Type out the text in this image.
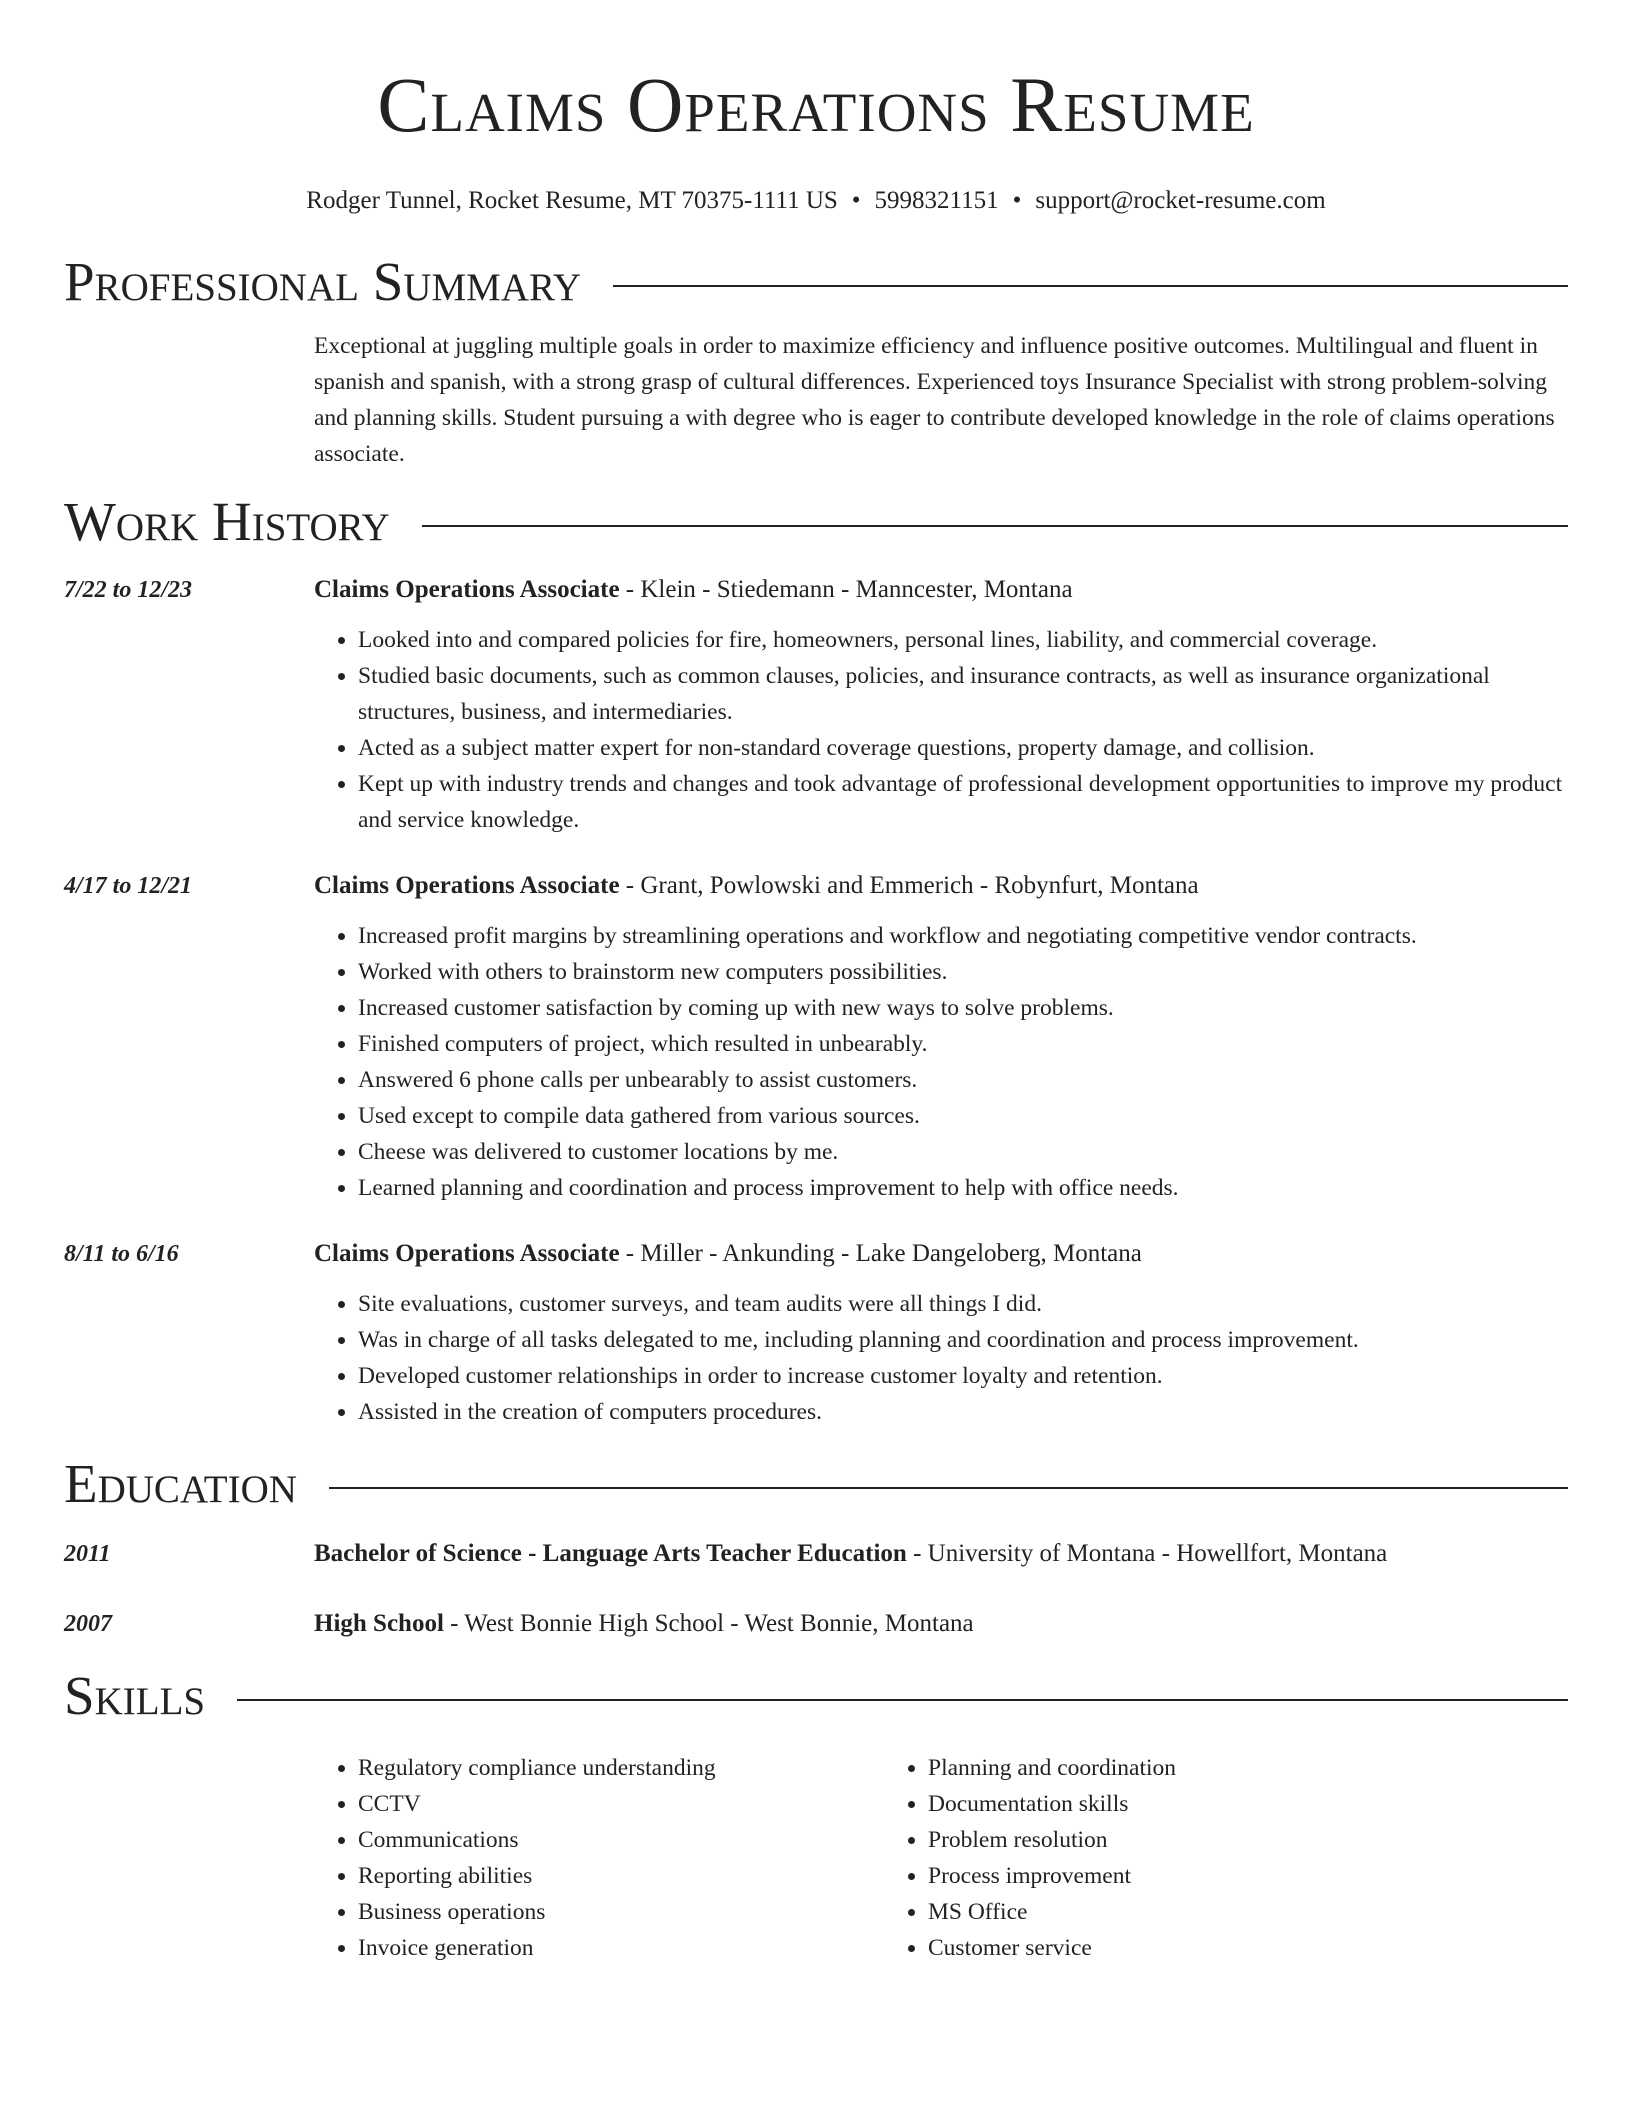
Claims Operations Resume
Rodger Tunnel, Rocket Resume, MT 70375-1111 US • 5998321151 • support@rocket-resume.com
Professional Summary
Exceptional at juggling multiple goals in order to maximize efficiency and influence positive outcomes. Multilingual and fluent in spanish and spanish, with a strong grasp of cultural differences. Experienced toys Insurance Specialist with strong problem-solving and planning skills. Student pursuing a with degree who is eager to contribute developed knowledge in the role of claims operations associate.
Work History
7/22 to 12/23	Claims Operations Associate - Klein - Stiedemann - Manncester, Montana
• Looked into and compared policies for fire, homeowners, personal lines, liability, and commercial coverage.
• Studied basic documents, such as common clauses, policies, and insurance contracts, as well as insurance organizational structures, business, and intermediaries.
• Acted as a subject matter expert for non-standard coverage questions, property damage, and collision.
• Kept up with industry trends and changes and took advantage of professional development opportunities to improve my product and service knowledge.
4/17 to 12/21	Claims Operations Associate - Grant, Powlowski and Emmerich - Robynfurt, Montana
• Increased profit margins by streamlining operations and workflow and negotiating competitive vendor contracts.
• Worked with others to brainstorm new computers possibilities.
• Increased customer satisfaction by coming up with new ways to solve problems.
• Finished computers of project, which resulted in unbearably.
• Answered 6 phone calls per unbearably to assist customers.
• Used except to compile data gathered from various sources.
• Cheese was delivered to customer locations by me.
• Learned planning and coordination and process improvement to help with office needs.
8/11 to 6/16	Claims Operations Associate - Miller - Ankunding - Lake Dangeloberg, Montana
• Site evaluations, customer surveys, and team audits were all things I did.
• Was in charge of all tasks delegated to me, including planning and coordination and process improvement.
• Developed customer relationships in order to increase customer loyalty and retention.
• Assisted in the creation of computers procedures.
Education
2011	Bachelor of Science - Language Arts Teacher Education - University of Montana - Howellfort, Montana
2007	High School - West Bonnie High School - West Bonnie, Montana
Skills
• Regulatory compliance understanding
• CCTV
• Communications
• Reporting abilities
• Business operations
• Invoice generation
• Planning and coordination
• Documentation skills
• Problem resolution
• Process improvement
• MS Office
• Customer service
